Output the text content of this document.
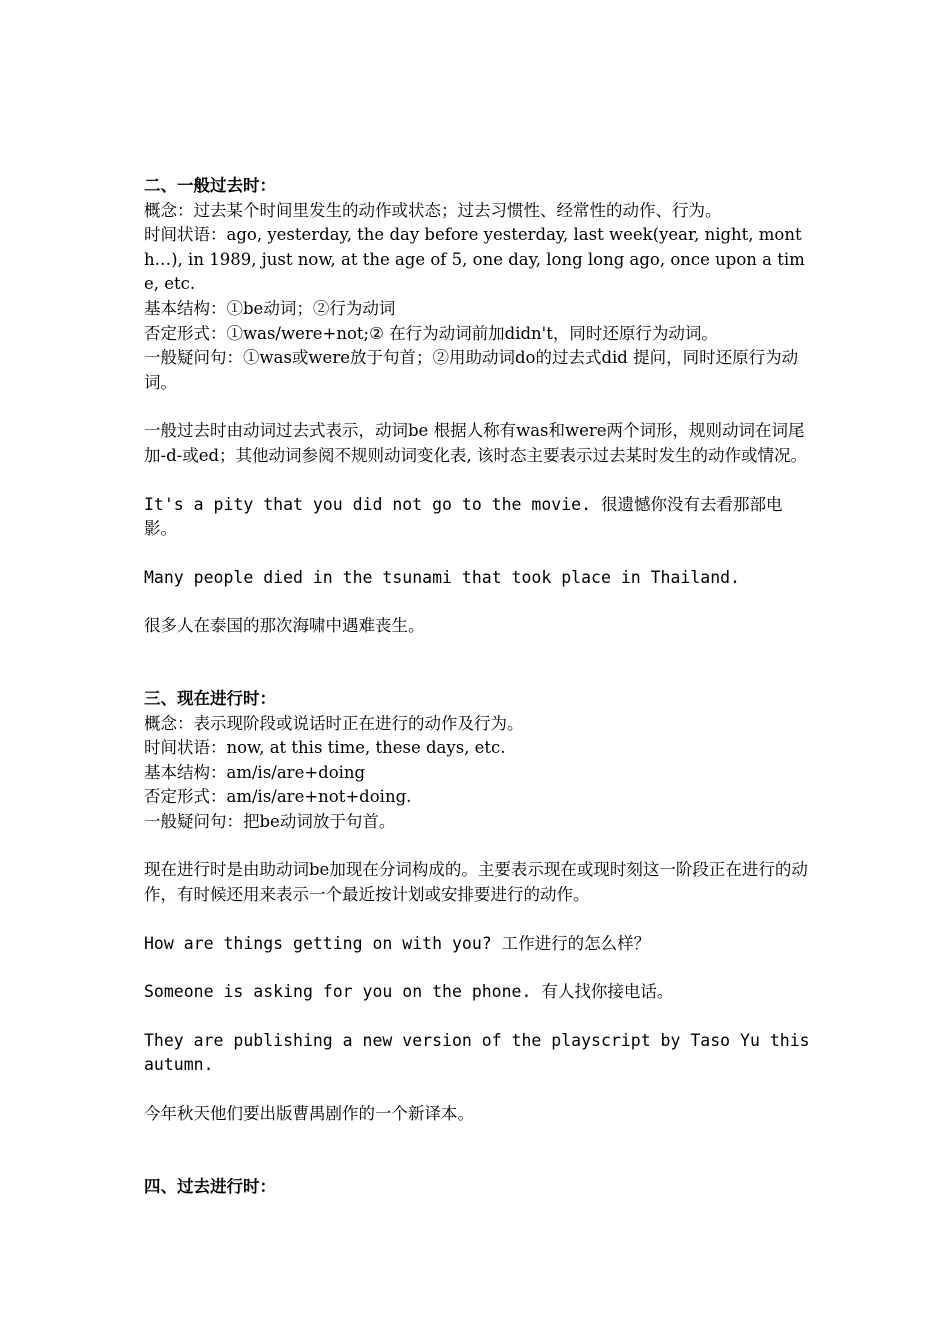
二、一般过去时：

概念：过去某个时间里发生的动作或状态；过去习惯性、经常性的动作、行为。

时间状语：ago, yesterday, the day before yesterday, last week(year, night, month…), in 1989, just now, at the age of 5, one day, long long ago, once upon a time, etc.

基本结构：①be动词；②行为动词

否定形式：①was/were+not;② 在行为动词前加didn't，同时还原行为动词。

一般疑问句：①was或were放于句首；②用助动词do的过去式did 提问，同时还原行为动词。

一般过去时由动词过去式表示，动词be 根据人称有was和were两个词形，规则动词在词尾加-d-或ed；其他动词参阅不规则动词变化表, 该时态主要表示过去某时发生的动作或情况。

It's a pity that you did not go to the movie. 很遗憾你没有去看那部电影。

Many people died in the tsunami that took place in Thailand.

很多人在泰国的那次海啸中遇难丧生。

三、现在进行时：

概念：表示现阶段或说话时正在进行的动作及行为。

时间状语：now, at this time, these days, etc.

基本结构：am/is/are+doing

否定形式：am/is/are+not+doing.

一般疑问句：把be动词放于句首。

现在进行时是由助动词be加现在分词构成的。主要表示现在或现时刻这一阶段正在进行的动作，有时候还用来表示一个最近按计划或安排要进行的动作。

How are things getting on with you? 工作进行的怎么样？

Someone is asking for you on the phone. 有人找你接电话。

They are publishing a new version of the playscript by Taso Yu this autumn.

今年秋天他们要出版曹禺剧作的一个新译本。

四、过去进行时：
